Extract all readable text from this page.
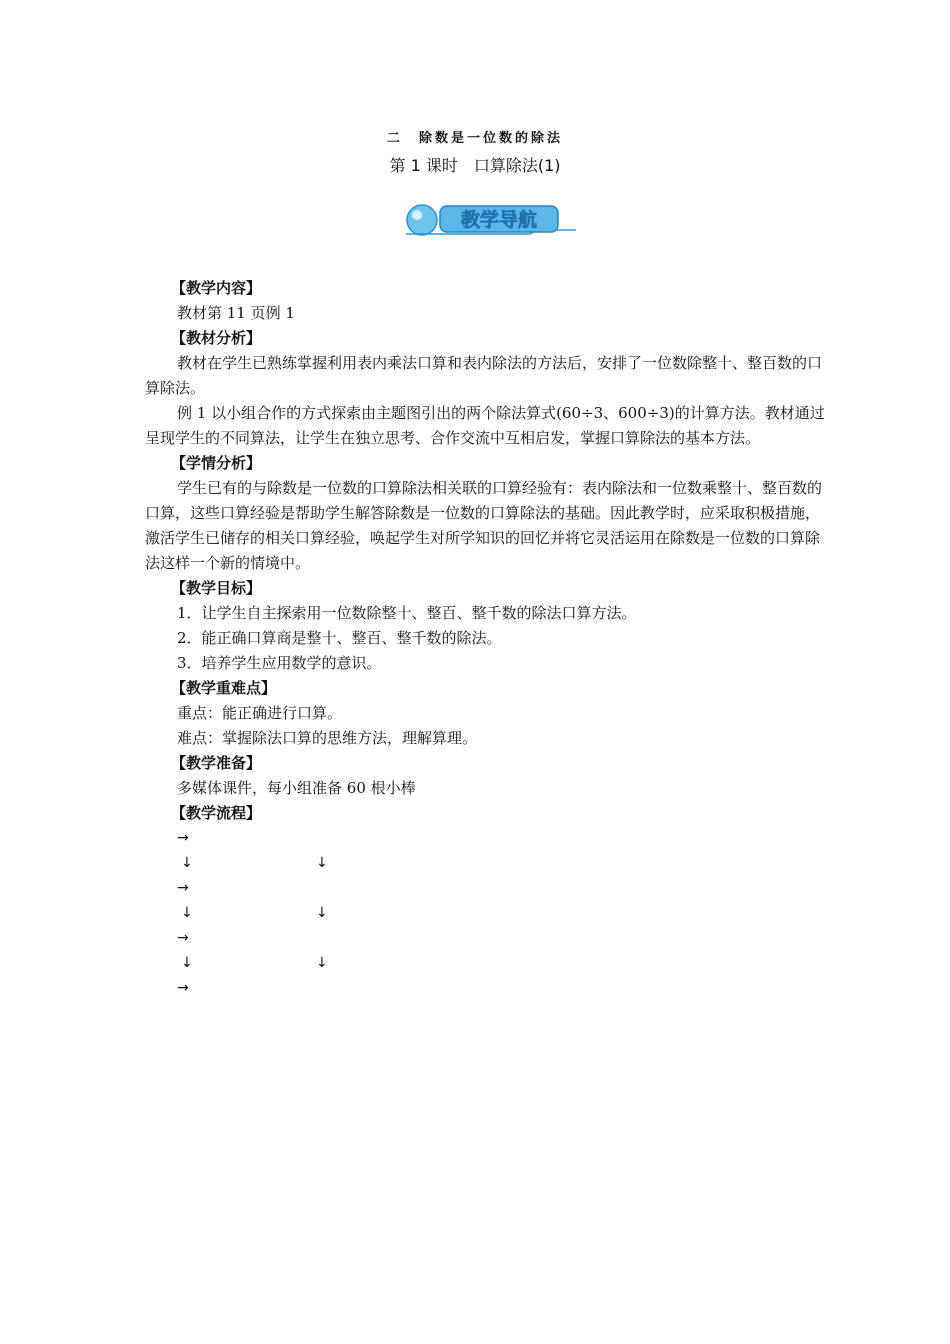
二　除数是一位数的除法
第 1 课时　口算除法(1)
教学导航

【教学内容】

教材第 11 页例 1

【教材分析】

教材在学生已熟练掌握利用表内乘法口算和表内除法的方法后，安排了一位数除整十、整百数的口算除法。

例 1 以小组合作的方式探索由主题图引出的两个除法算式(60÷3、600÷3)的计算方法。教材通过呈现学生的不同算法，让学生在独立思考、合作交流中互相启发，掌握口算除法的基本方法。

【学情分析】

学生已有的与除数是一位数的口算除法相关联的口算经验有：表内除法和一位数乘整十、整百数的口算，这些口算经验是帮助学生解答除数是一位数的口算除法的基础。因此教学时，应采取积极措施，激活学生已储存的相关口算经验，唤起学生对所学知识的回忆并将它灵活运用在除数是一位数的口算除法这样一个新的情境中。

【教学目标】

1．让学生自主探索用一位数除整十、整百、整千数的除法口算方法。

2．能正确口算商是整十、整百、整千数的除法。

3．培养学生应用数学的意识。

【教学重难点】

重点：能正确进行口算。

难点：掌握除法口算的思维方法，理解算理。

【教学准备】

多媒体课件，每小组准备 60 根小棒

【教学流程】

→
↓	↓
→
↓	↓
→
↓	↓
→
